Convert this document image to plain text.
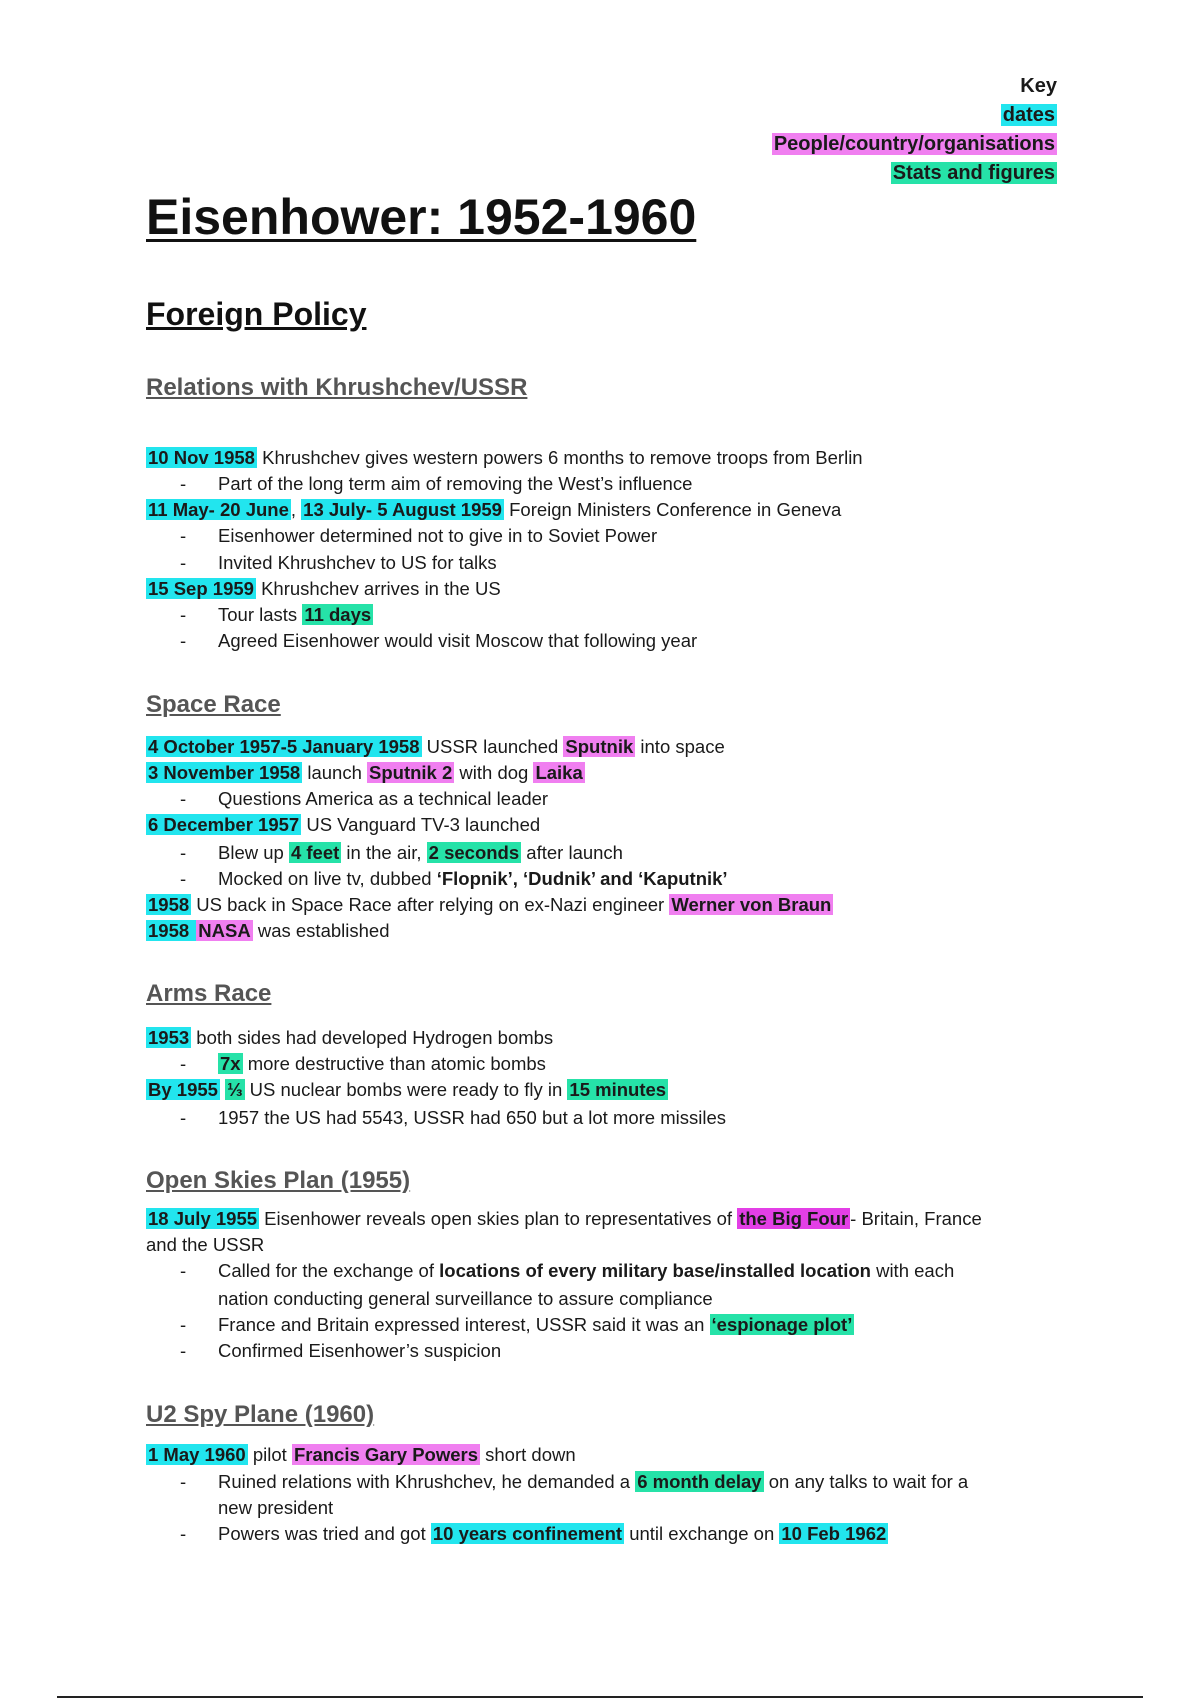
Key
dates
People/country/organisations
Stats and figures
Eisenhower: 1952-1960
Foreign Policy
Relations with Khrushchev/USSR
10 Nov 1958 Khrushchev gives western powers 6 months to remove troops from Berlin
- Part of the long term aim of removing the West’s influence
11 May- 20 June , 13 July- 5 August 1959 Foreign Ministers Conference in Geneva
- Eisenhower determined not to give in to Soviet Power
- Invited Khrushchev to US for talks
15 Sep 1959 Khrushchev arrives in the US
- Tour lasts 11 days
- Agreed Eisenhower would visit Moscow that following year
Space Race
4 October 1957-5 January 1958 USSR launched Sputnik into space
3 November 1958 launch Sputnik 2 with dog Laika
- Questions America as a technical leader
6 December 1957 US Vanguard TV-3 launched
- Blew up 4 feet in the air, 2 seconds after launch
- Mocked on live tv, dubbed ‘Flopnik’, ‘Dudnik’ and ‘Kaputnik’
1958 US back in Space Race after relying on ex-Nazi engineer Werner von Braun
1958 NASA was established
Arms Race
1953 both sides had developed Hydrogen bombs
- 7x more destructive than atomic bombs
By 1955 ⅓ US nuclear bombs were ready to fly in 15 minutes
- 1957 the US had 5543, USSR had 650 but a lot more missiles
Open Skies Plan (1955)
18 July 1955 Eisenhower reveals open skies plan to representatives of the Big Four - Britain, France
and the USSR
- Called for the exchange of locations of every military base/installed location with each
nation conducting general surveillance to assure compliance
- France and Britain expressed interest, USSR said it was an ‘espionage plot’
- Confirmed Eisenhower’s suspicion
U2 Spy Plane (1960)
1 May 1960 pilot Francis Gary Powers short down
- Ruined relations with Khrushchev, he demanded a 6 month delay on any talks to wait for a
new president
- Powers was tried and got 10 years confinement until exchange on 10 Feb 1962
